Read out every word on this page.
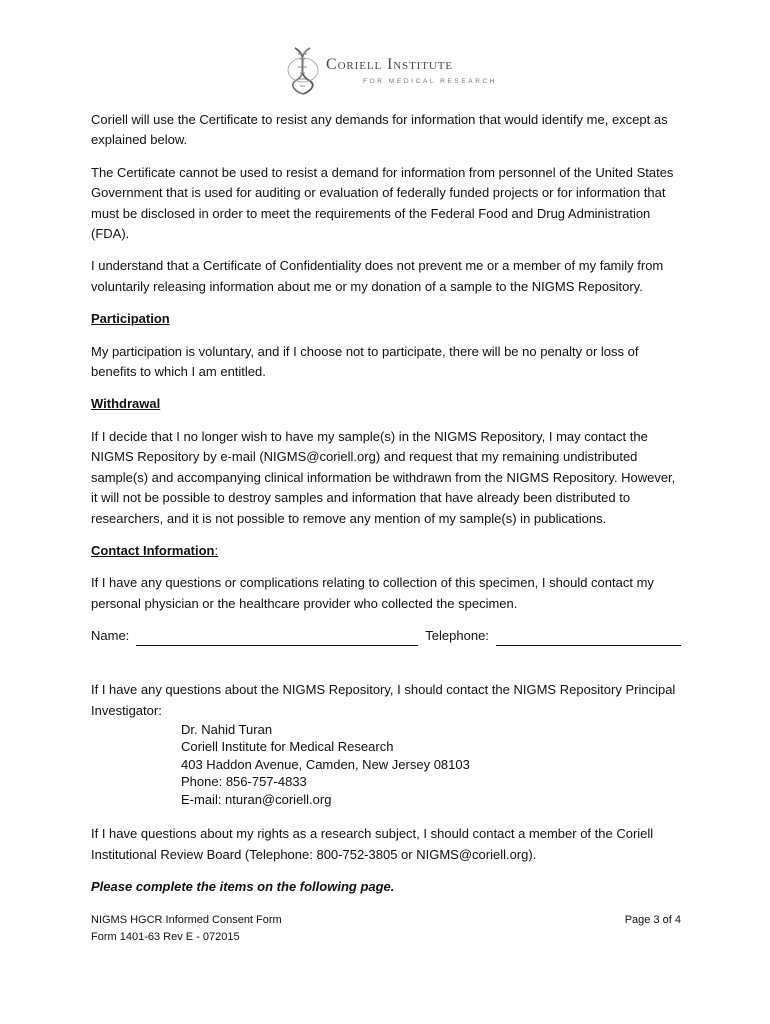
Coriell Institute
FOR MEDICAL RESEARCH

Coriell will use the Certificate to resist any demands for information that would identify me, except as explained below.

The Certificate cannot be used to resist a demand for information from personnel of the United States Government that is used for auditing or evaluation of federally funded projects or for information that must be disclosed in order to meet the requirements of the Federal Food and Drug Administration (FDA).

I understand that a Certificate of Confidentiality does not prevent me or a member of my family from voluntarily releasing information about me or my donation of a sample to the NIGMS Repository.

Participation

My participation is voluntary, and if I choose not to participate, there will be no penalty or loss of benefits to which I am entitled.

Withdrawal

If I decide that I no longer wish to have my sample(s) in the NIGMS Repository, I may contact the NIGMS Repository by e-mail (NIGMS@coriell.org) and request that my remaining undistributed sample(s) and accompanying clinical information be withdrawn from the NIGMS Repository. However, it will not be possible to destroy samples and information that have already been distributed to researchers, and it is not possible to remove any mention of my sample(s) in publications.

Contact Information:

If I have any questions or complications relating to collection of this specimen, I should contact my personal physician or the healthcare provider who collected the specimen.

Name:	Telephone:

If I have any questions about the NIGMS Repository, I should contact the NIGMS Repository Principal Investigator:

Dr. Nahid Turan
Coriell Institute for Medical Research
403 Haddon Avenue, Camden, New Jersey 08103
Phone: 856-757-4833
E-mail: nturan@coriell.org

If I have questions about my rights as a research subject, I should contact a member of the Coriell Institutional Review Board (Telephone: 800-752-3805 or NIGMS@coriell.org).

Please complete the items on the following page.

NIGMS HGCR Informed Consent Form
Form 1401-63 Rev E - 072015
Page 3 of 4
